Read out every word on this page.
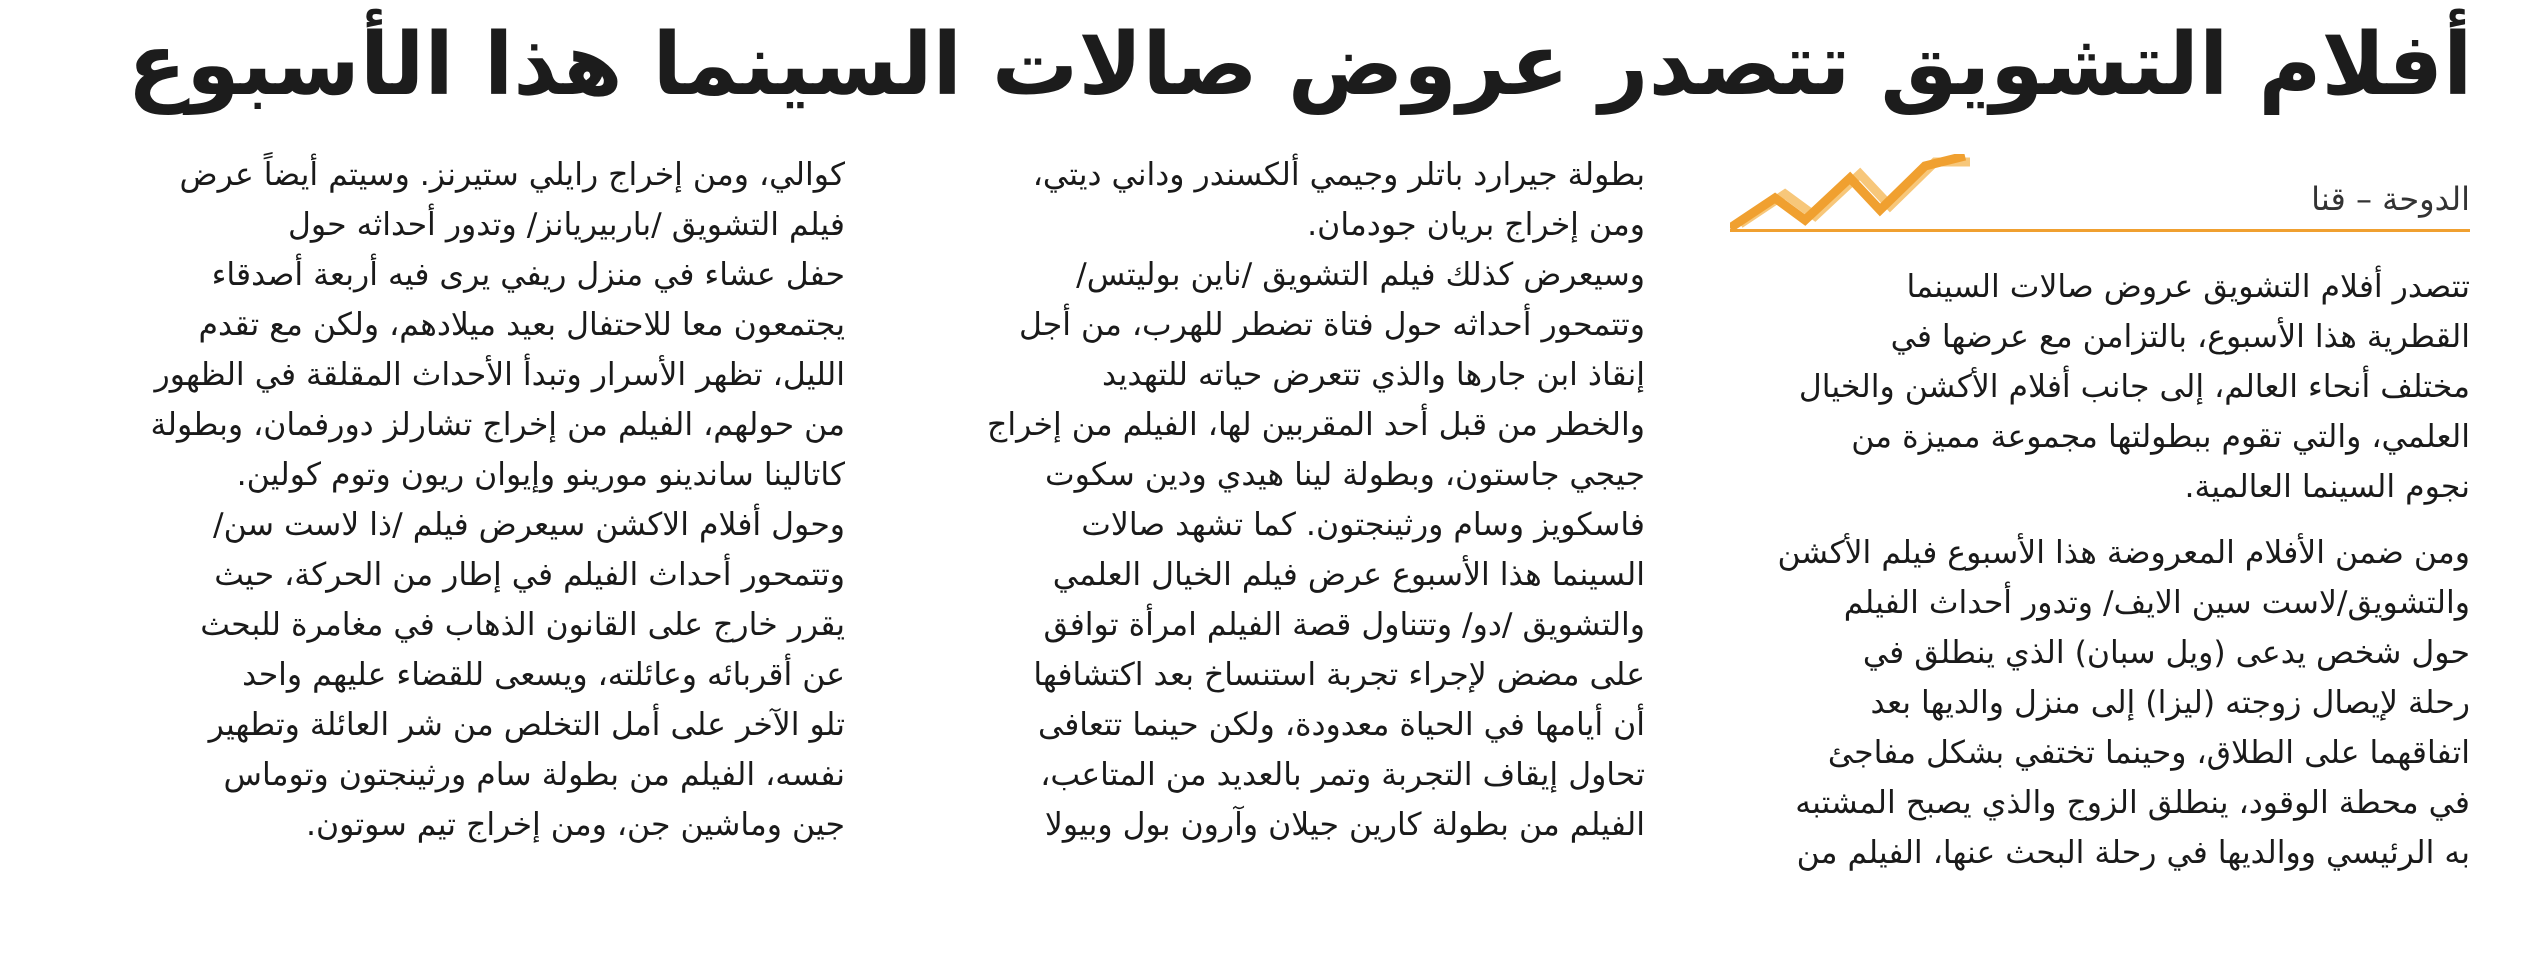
أفلام التشويق تتصدر عروض صالات السينما هذا الأسبوع
الدوحة – قنا
تتصدر أفلام التشويق عروض صالات السينما
القطرية هذا الأسبوع، بالتزامن مع عرضها في
مختلف أنحاء العالم، إلى جانب أفلام الأكشن والخيال
العلمي، والتي تقوم ببطولتها مجموعة مميزة من
نجوم السينما العالمية.
ومن ضمن الأفلام المعروضة هذا الأسبوع فيلم الأكشن
والتشويق/لاست سين الايف/ وتدور أحداث الفيلم
حول شخص يدعى (ويل سبان) الذي ينطلق في
رحلة لإيصال زوجته (ليزا) إلى منزل والديها بعد
اتفاقهما على الطلاق، وحينما تختفي بشكل مفاجئ
في محطة الوقود، ينطلق الزوج والذي يصبح المشتبه
به الرئيسي ووالديها في رحلة البحث عنها، الفيلم من
بطولة جيرارد باتلر وجيمي ألكسندر وداني ديتي،
ومن إخراج بريان جودمان.
وسيعرض كذلك فيلم التشويق /ناين بوليتس/
وتتمحور أحداثه حول فتاة تضطر للهرب، من أجل
إنقاذ ابن جارها والذي تتعرض حياته للتهديد
والخطر من قبل أحد المقربين لها، الفيلم من إخراج
جيجي جاستون، وبطولة لينا هيدي ودين سكوت
فاسكويز وسام ورثينجتون. كما تشهد صالات
السينما هذا الأسبوع عرض فيلم الخيال العلمي
والتشويق /دو/ وتتناول قصة الفيلم امرأة توافق
على مضض لإجراء تجربة استنساخ بعد اكتشافها
أن أيامها في الحياة معدودة، ولكن حينما تتعافى
تحاول إيقاف التجربة وتمر بالعديد من المتاعب،
الفيلم من بطولة كارين جيلان وآرون بول وبيولا
كوالي، ومن إخراج رايلي ستيرنز. وسيتم أيضاً عرض
فيلم التشويق /باربيريانز/ وتدور أحداثه حول
حفل عشاء في منزل ريفي يرى فيه أربعة أصدقاء
يجتمعون معا للاحتفال بعيد ميلادهم، ولكن مع تقدم
الليل، تظهر الأسرار وتبدأ الأحداث المقلقة في الظهور
من حولهم، الفيلم من إخراج تشارلز دورفمان، وبطولة
كاتالينا ساندينو مورينو وإيوان ريون وتوم كولين.
وحول أفلام الاكشن سيعرض فيلم /ذا لاست سن/
وتتمحور أحداث الفيلم في إطار من الحركة، حيث
يقرر خارج على القانون الذهاب في مغامرة للبحث
عن أقربائه وعائلته، ويسعى للقضاء عليهم واحد
تلو الآخر على أمل التخلص من شر العائلة وتطهير
نفسه، الفيلم من بطولة سام ورثينجتون وتوماس
جين وماشين جن، ومن إخراج تيم سوتون.
